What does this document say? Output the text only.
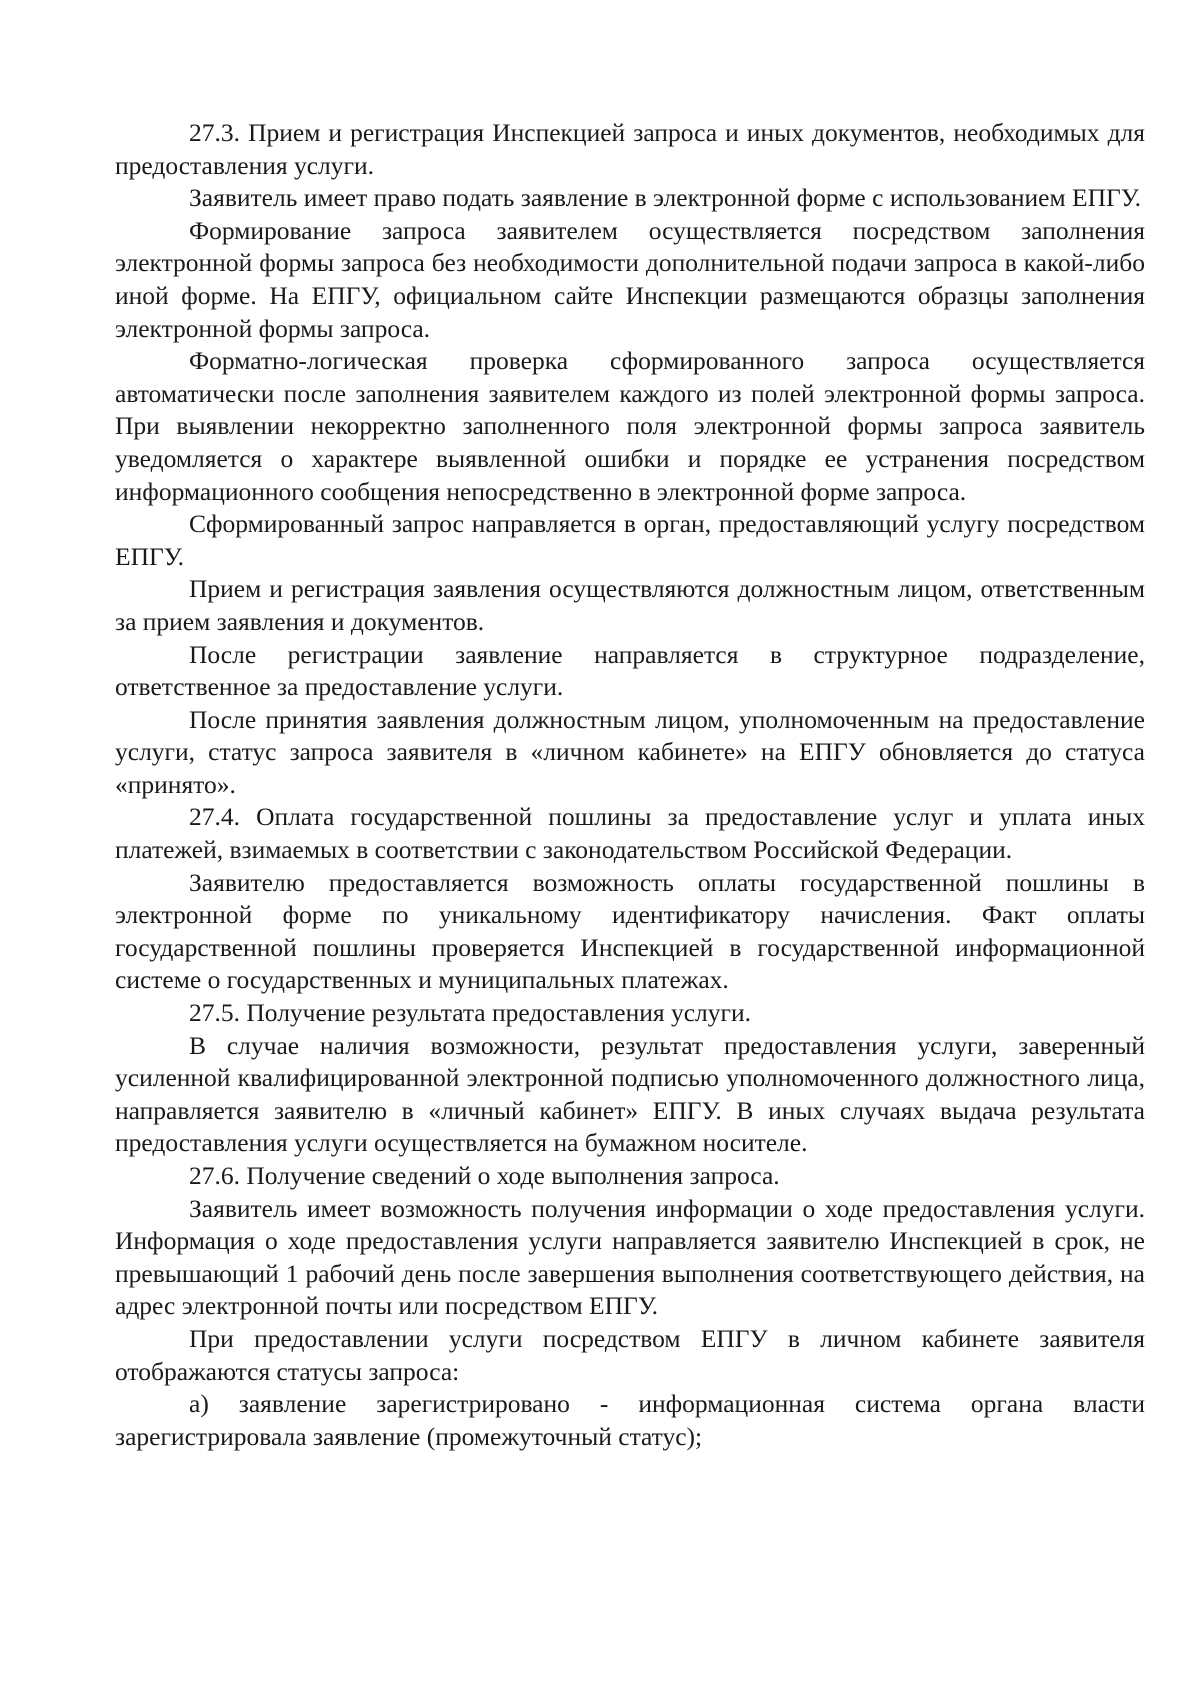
27.3. Прием и регистрация Инспекцией запроса и иных документов, необходимых для предоставления услуги.

Заявитель имеет право подать заявление в электронной форме с использованием ЕПГУ.

Формирование запроса заявителем осуществляется посредством заполнения электронной формы запроса без необходимости дополнительной подачи запроса в какой-либо иной форме. На ЕПГУ, официальном сайте Инспекции размещаются образцы заполнения электронной формы запроса.

Форматно-логическая проверка сформированного запроса осуществляется автоматически после заполнения заявителем каждого из полей электронной формы запроса. При выявлении некорректно заполненного поля электронной формы запроса заявитель уведомляется о характере выявленной ошибки и порядке ее устранения посредством информационного сообщения непосредственно в электронной форме запроса.

Сформированный запрос направляется в орган, предоставляющий услугу посредством ЕПГУ.

Прием и регистрация заявления осуществляются должностным лицом, ответственным за прием заявления и документов.

После регистрации заявление направляется в структурное подразделение, ответственное за предоставление услуги.

После принятия заявления должностным лицом, уполномоченным на предоставление услуги, статус запроса заявителя в «личном кабинете» на ЕПГУ обновляется до статуса «принято».

27.4. Оплата государственной пошлины за предоставление услуг и уплата иных платежей, взимаемых в соответствии с законодательством Российской Федерации.

Заявителю предоставляется возможность оплаты государственной пошлины в электронной форме по уникальному идентификатору начисления. Факт оплаты государственной пошлины проверяется Инспекцией в государственной информационной системе о государственных и муниципальных платежах.

27.5. Получение результата предоставления услуги.

В случае наличия возможности, результат предоставления услуги, заверенный усиленной квалифицированной электронной подписью уполномоченного должностного лица, направляется заявителю в «личный кабинет» ЕПГУ. В иных случаях выдача результата предоставления услуги осуществляется на бумажном носителе.

27.6. Получение сведений о ходе выполнения запроса.

Заявитель имеет возможность получения информации о ходе предоставления услуги. Информация о ходе предоставления услуги направляется заявителю Инспекцией в срок, не превышающий 1 рабочий день после завершения выполнения соответствующего действия, на адрес электронной почты или посредством ЕПГУ.

При предоставлении услуги посредством ЕПГУ в личном кабинете заявителя отображаются статусы запроса:

а) заявление зарегистрировано - информационная система органа власти зарегистрировала заявление (промежуточный статус);
